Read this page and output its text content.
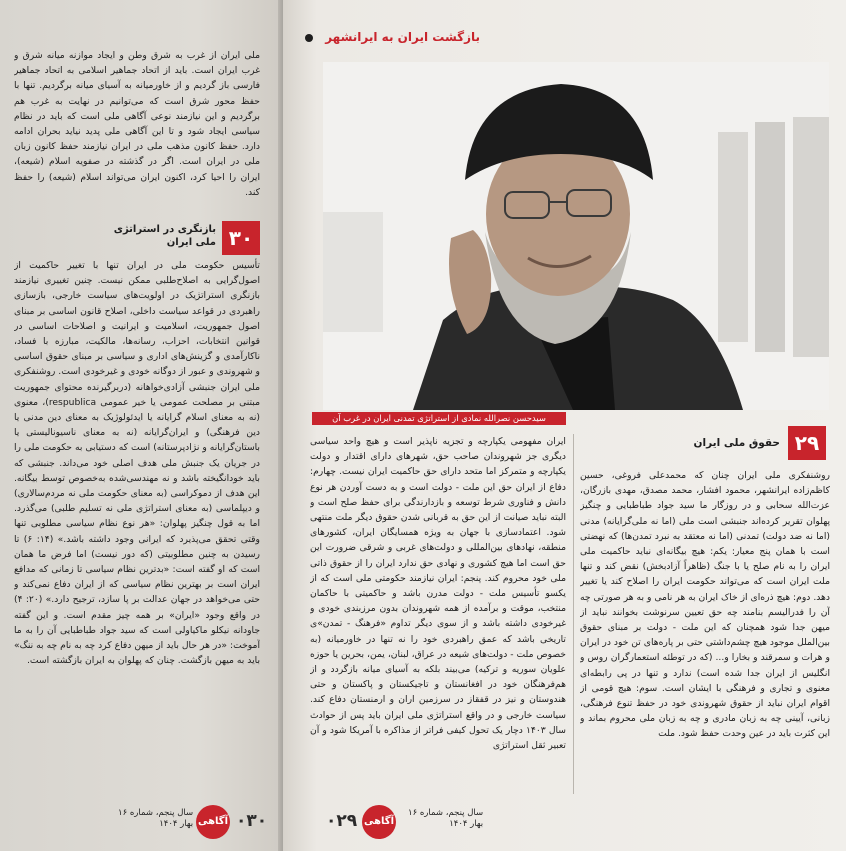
ملی ایران از غرب به شرق وطن و ایجاد موازنه میانه شرق و غرب ایران است. باید از اتحاد جماهیر اسلامی به اتحاد جماهیر فارسی باز گردیم و از خاورمیانه به آسیای میانه برگردیم. تنها با حفظ محور شرق است که می‌توانیم در نهایت به غرب هم برگردیم و این نیازمند نوعی آگاهی ملی است که باید در نظام سیاسی ایجاد شود و تا این آگاهی ملی پدید نیاید بحران ادامه دارد. حفظ کانون مذهب ملی در ایران نیازمند حفظ کانون زبان ملی در ایران است. اگر در گذشته در صفویه اسلام (شیعه)، ایران را احیا کرد، اکنون ایران می‌تواند اسلام (شیعه) را حفظ کند.

۳۰
بازنگری در استراتژی ملی ایران

تأسیس حکومت ملی در ایران تنها با تغییر حاکمیت از اصول‌گرایی به اصلاح‌طلبی ممکن نیست. چنین تغییری نیازمند بازنگری استراتژیک در اولویت‌های سیاست خارجی، بازسازی راهبردی در قواعد سیاست داخلی، اصلاح قانون اساسی بر مبنای اصول جمهوریت، اسلامیت و ایرانیت و اصلاحات اساسی در قوانین انتخابات، احزاب، رسانه‌ها، مالکیت، مبارزه با فساد، ناکارآمدی و گزینش‌های اداری و سیاسی بر مبنای حقوق اساسی و شهروندی و عبور از دوگانه خودی و غیرخودی است. روشنفکری ملی ایران جنبشی آزادی‌خواهانه (دربرگیرنده محتوای جمهوریت مبتنی بر مصلحت عمومی یا خیر عمومی respublica)، معنوی (نه به معنای اسلام گرایانه یا ایدئولوژیک به معنای دین مدنی یا دین فرهنگی) و ایران‌گرایانه (نه به معنای ناسیونالیستی یا باستان‌گرایانه و نژادپرستانه) است که دستیابی به حکومت ملی را در جریان یک جنبش ملی هدف اصلی خود می‌داند. جنبشی که باید خودانگیخته باشد و نه مهندسی‌شده به‌خصوص توسط بیگانه. این هدف از دموکراسی (به معنای حکومت ملی نه مردم‌سالاری) و دیپلماسی (به معنای استراتژی ملی نه تسلیم طلبی) می‌گذرد. اما به قول چنگیز پهلوان: «هر نوع نظام سیاسی مطلوبی تنها وقتی تحقق می‌پذیرد که ایرانی وجود داشته باشد.» (۱۴: ۶) تا رسیدن به چنین مطلوبیتی (که دور نیست) اما فرض ما همان است که او گفته است: «بدترین نظام سیاسی تا زمانی که مدافع ایران است بر بهترین نظام سیاسی که از ایران دفاع نمی‌کند و حتی می‌خواهد در جهان عدالت بر پا سازد، ترجیح دارد.» (۲۰: ۴) در واقع وجود «ایران» بر همه چیز مقدم است. و این گفته جاودانه نیکلو ماکیاولی است که سید جواد طباطبایی آن را به ما آموخت: «در هر حال باید از میهن دفاع کرد چه به نام چه به ننگ» باید به میهن بازگشت. چنان که پهلوان به ایران بازگشته است.

آگاهی
سال پنجم، شماره ۱۶
بهار ۱۴۰۴	۰۳۰
بازگشت ایران به ایرانشهر
سیدحسن نصرالله نمادی از استراتژی تمدنی ایران در غرب آن
۲۹
حقوق ملی ایران

روشنفکری ملی ایران چنان که محمدعلی فروغی، حسین کاظم‌زاده ایرانشهر، محمود افشار، محمد مصدق، مهدی بازرگان، عزت‌الله سحابی و در روزگار ما سید جواد طباطبایی و چنگیز پهلوان تقریر کرده‌اند جنبشی است ملی (اما نه ملی‌گرایانه) مدنی (اما نه ضد دولت) تمدنی (اما نه معتقد به نبرد تمدن‌ها) که نهضتی است با همان پنج معیار: یکم: هیچ بیگانه‌ای نباید حاکمیت ملی ایران را به نام صلح یا با جنگ (ظاهراً آزادبخش) نقض کند و تنها ملت ایران است که می‌تواند حکومت ایران را اصلاح کند یا تغییر دهد. دوم: هیچ ذره‌ای از خاک ایران به هر نامی و به هر صورتی چه آن را فدرالیسم بنامند چه حق تعیین سرنوشت بخوانند نباید از میهن جدا شود همچنان که این ملت - دولت بر مبنای حقوق بین‌الملل موجود هیچ چشم‌داشتی حتی بر پاره‌های تن خود در ایران و هرات و سمرقند و بخارا و... (که در توطئه استعمارگران روس و انگلیس از ایران جدا شده است) ندارد و تنها در پی رابطه‌ای معنوی و تجاری و فرهنگی با ایشان است. سوم: هیچ قومی از اقوام ایران نباید از حقوق شهروندی خود در حفظ تنوع فرهنگی، زبانی، آیینی چه به زبان مادری و چه به زبان ملی محروم بماند و این کثرت باید در عین وحدت حفظ شود. ملت

ایران مفهومی یکپارچه و تجزیه ناپذیر است و هیچ واحد سیاسی دیگری جز شهروندان صاحب حق، شهرهای دارای اقتدار و دولت یکپارچه و متمرکز اما متحد دارای حق حاکمیت ایران نیست. چهارم: دفاع از ایران حق این ملت - دولت است و به دست آوردن هر نوع دانش و فناوری شرط توسعه و بازدارندگی برای حفظ صلح است و البته نباید صیانت از این حق به قربانی شدن حقوق دیگر ملت منتهی شود. اعتمادسازی با جهان به ویژه همسایگان ایران، کشورهای منطقه، نهادهای بین‌المللی و دولت‌های غربی و شرقی ضرورت این حق است اما هیچ کشوری و نهادی حق ندارد ایران را از حقوق ذاتی ملی خود محروم کند. پنجم: ایران نیازمند حکومتی ملی است که از یکسو تأسیس ملت - دولت مدرن باشد و حاکمیتی با حاکمان منتخب، موقت و برآمده از همه شهروندان بدون مرزبندی خودی و غیرخودی داشته باشد و از سوی دیگر تداوم «فرهنگ - تمدن»ی تاریخی باشد که عمق راهبردی خود را نه تنها در خاورمیانه (به خصوص ملت - دولت‌های شیعه در عراق، لبنان، یمن، بحرین یا حوزه علویان سوریه و ترکیه) می‌بیند بلکه به آسیای میانه بازگردد و از هم‌فرهنگان خود در افغانستان و تاجیکستان و پاکستان و حتی هندوستان و نیز در قفقاز در سرزمین اران و ارمنستان دفاع کند. سیاست خارجی و در واقع استراتژی ملی ایران باید پس از حوادث سال ۱۴۰۳ دچار یک تحول کیفی فراتر از مذاکره با آمریکا شود و آن تعبیر ثقل استراتژی

۰۲۹ آگاهی
سال پنجم، شماره ۱۶
بهار ۱۴۰۴
